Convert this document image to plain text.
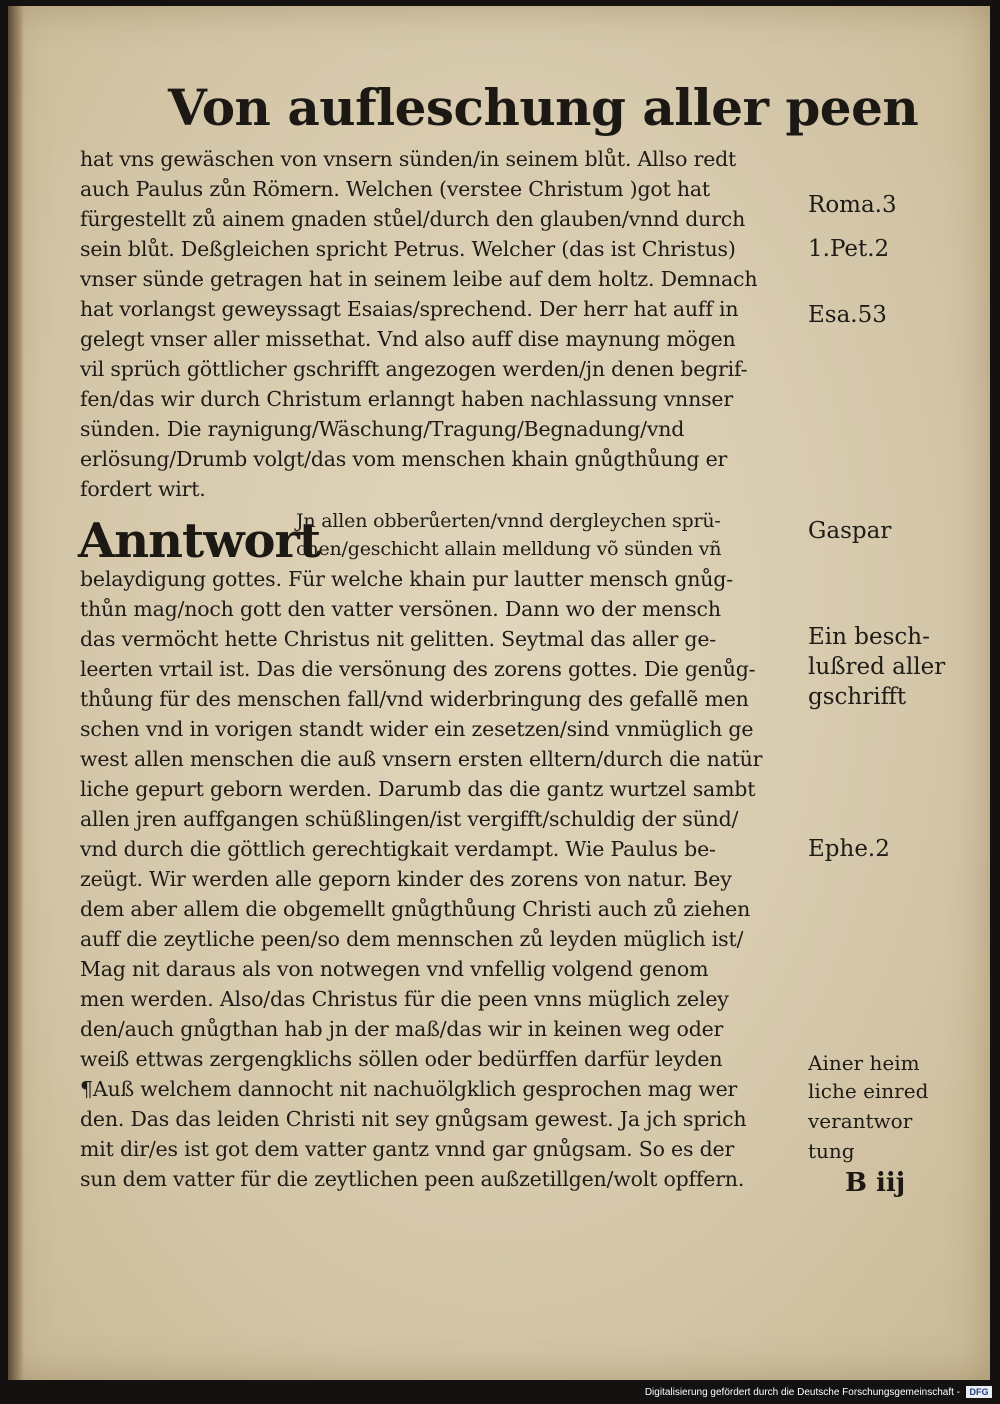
Von aufleschung aller peen
hat vns gewäschen von vnsern sünden/in seinem blůt. Allso redt
auch Paulus zůn Römern. Welchen (verstee Christum )got hat
fürgestellt zů ainem gnaden stůel/durch den glauben/vnnd durch
sein blůt. Deßgleichen spricht Petrus. Welcher (das ist Christus)
vnser sünde getragen hat in seinem leibe auf dem holtz. Demnach
hat vorlangst geweyssagt Esaias/sprechend. Der herr hat auff in
gelegt vnser aller missethat. Vnd also auff dise maynung mögen
vil sprüch göttlicher gschrifft angezogen werden/jn denen begrif-
fen/das wir durch Christum erlanngt haben nachlassung vnnser
sünden. Die raynigung/Wäschung/Tragung/Begnadung/vnd
erlösung/Drumb volgt/das vom menschen khain gnůgthůung er
fordert wirt.
Anntwort
Jn allen obberůerten/vnnd dergleychen sprü-
chen/geschicht allain melldung võ sünden vñ
belaydigung gottes. Für welche khain pur lautter mensch gnůg-
thůn mag/noch gott den vatter versönen. Dann wo der mensch
das vermöcht hette Christus nit gelitten. Seytmal das aller ge-
leerten vrtail ist. Das die versönung des zorens gottes. Die genůg-
thůung für des menschen fall/vnd widerbringung des gefallẽ men
schen vnd in vorigen standt wider ein zesetzen/sind vnmüglich ge
west allen menschen die auß vnsern ersten elltern/durch die natür
liche gepurt geborn werden. Darumb das die gantz wurtzel sambt
allen jren auffgangen schüßlingen/ist vergifft/schuldig der sünd/
vnd durch die göttlich gerechtigkait verdampt. Wie Paulus be-
zeügt. Wir werden alle geporn kinder des zorens von natur. Bey
dem aber allem die obgemellt gnůgthůung Christi auch zů ziehen
auff die zeytliche peen/so dem mennschen zů leyden müglich ist/
Mag nit daraus als von notwegen vnd vnfellig volgend genom
men werden. Also/das Christus für die peen vnns müglich zeley
den/auch gnůgthan hab jn der maß/das wir in keinen weg oder
weiß ettwas zergengklichs söllen oder bedürffen darfür leyden
¶Auß welchem dannocht nit nachuölgklich gesprochen mag wer
den. Das das leiden Christi nit sey gnůgsam gewest. Ja jch sprich
mit dir/es ist got dem vatter gantz vnnd gar gnůgsam. So es der
sun dem vatter für die zeytlichen peen außzetillgen/wolt opffern.
Roma.3
1.Pet.2
Esa.53
Gaspar
Ein besch-
lußred aller
gschrifft
Ephe.2
Ainer heim
liche einred
verantwor
tung
B iij
Digitalisierung gefördert durch die Deutsche Forschungsgemeinschaft -	DFG
